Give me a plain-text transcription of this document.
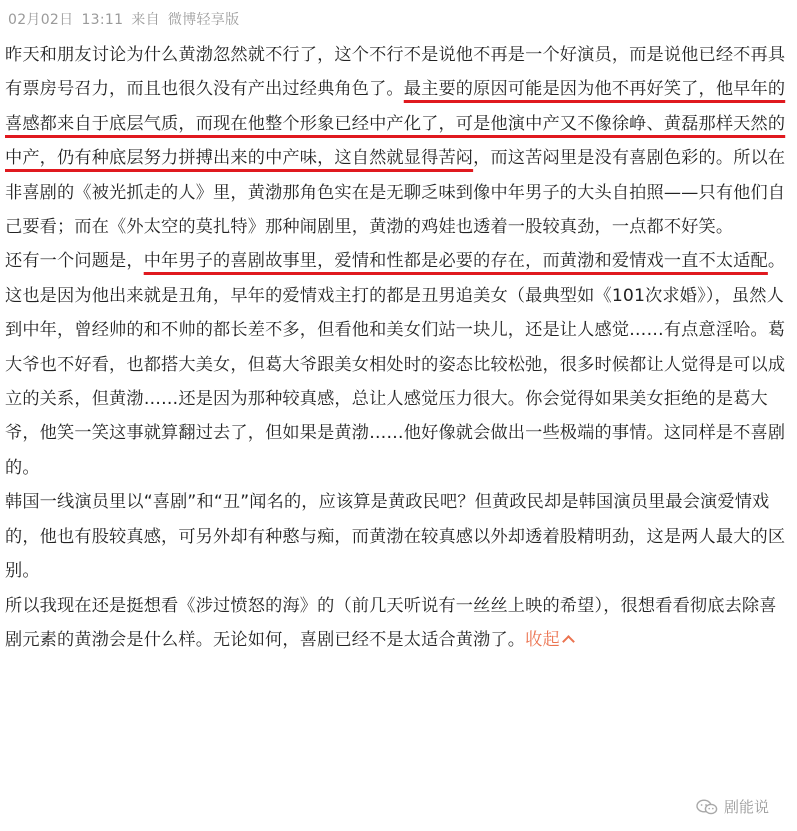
02月02日 13:11 来自 微博轻享版

昨天和朋友讨论为什么黄渤忽然就不行了，这个不行不是说他不再是一个好演员，而是说他已经不再具有票房号召力，而且也很久没有产出过经典角色了。最主要的原因可能是因为他不再好笑了，他早年的喜感都来自于底层气质，而现在他整个形象已经中产化了，可是他演中产又不像徐峥、黄磊那样天然的中产，仍有种底层努力拼搏出来的中产味，这自然就显得苦闷，而这苦闷里是没有喜剧色彩的。所以在非喜剧的《被光抓走的人》里，黄渤那角色实在是无聊乏味到像中年男子的大头自拍照——只有他们自己要看；而在《外太空的莫扎特》那种闹剧里，黄渤的鸡娃也透着一股较真劲，一点都不好笑。

还有一个问题是，中年男子的喜剧故事里，爱情和性都是必要的存在，而黄渤和爱情戏一直不太适配。这也是因为他出来就是丑角，早年的爱情戏主打的都是丑男追美女（最典型如《101次求婚》），虽然人到中年，曾经帅的和不帅的都长差不多，但看他和美女们站一块儿，还是让人感觉……有点意淫哈。葛大爷也不好看，也都搭大美女，但葛大爷跟美女相处时的姿态比较松弛，很多时候都让人觉得是可以成立的关系，但黄渤……还是因为那种较真感，总让人感觉压力很大。你会觉得如果美女拒绝的是葛大爷，他笑一笑这事就算翻过去了，但如果是黄渤……他好像就会做出一些极端的事情。这同样是不喜剧的。

韩国一线演员里以“喜剧”和“丑”闻名的，应该算是黄政民吧？但黄政民却是韩国演员里最会演爱情戏的，他也有股较真感，可另外却有种憨与痴，而黄渤在较真感以外却透着股精明劲，这是两人最大的区别。

所以我现在还是挺想看《涉过愤怒的海》的（前几天听说有一丝丝上映的希望），很想看看彻底去除喜剧元素的黄渤会是什么样。无论如何，喜剧已经不是太适合黄渤了。收起

剧能说
